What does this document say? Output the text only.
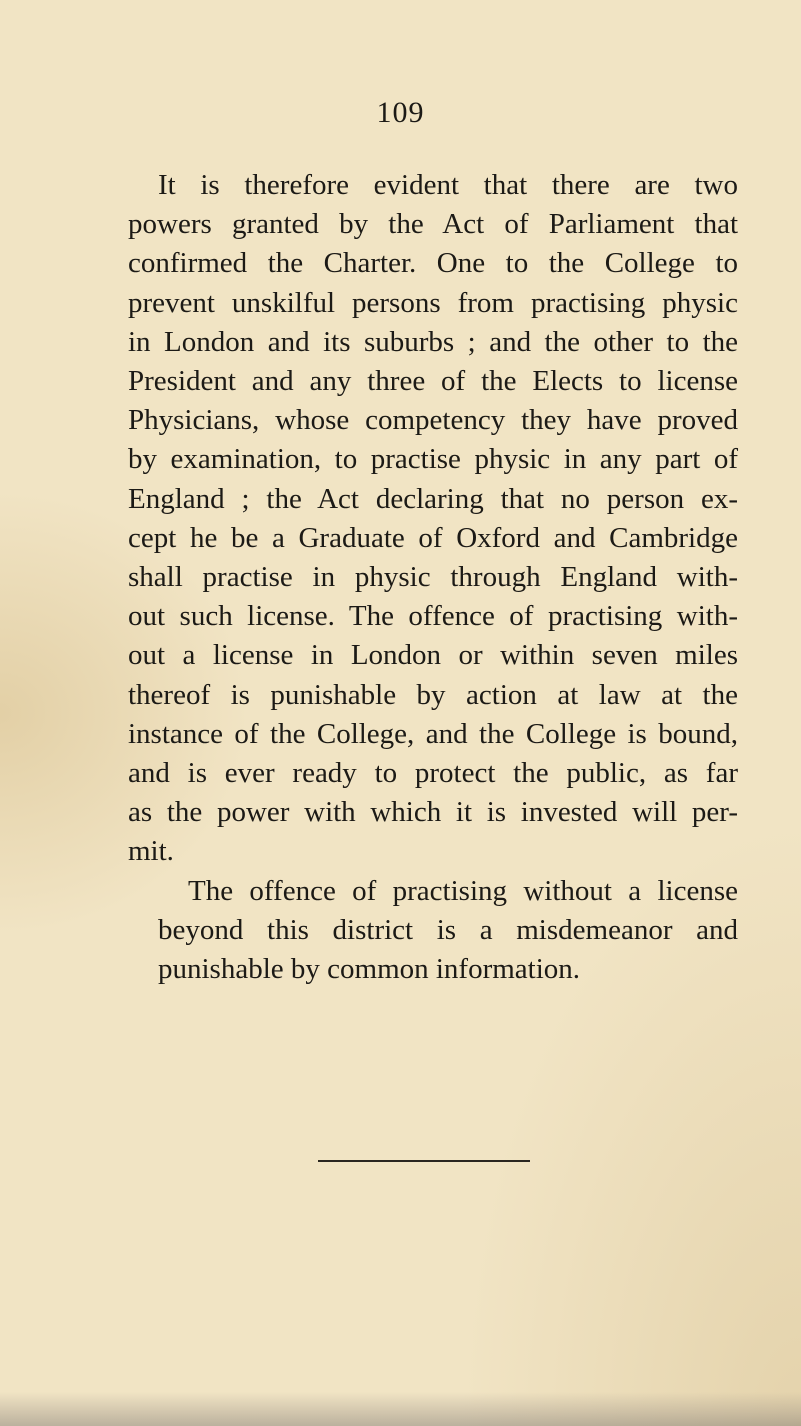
109

It is therefore evident that there are two
powers granted by the Act of Parliament that
confirmed the Charter. One to the College to
prevent unskilful persons from practising physic
in London and its suburbs ; and the other to the
President and any three of the Elects to license
Physicians, whose competency they have proved
by examination, to practise physic in any part of
England ; the Act declaring that no person ex-
cept he be a Graduate of Oxford and Cambridge
shall practise in physic through England with-
out such license. The offence of practising with-
out a license in London or within seven miles
thereof is punishable by action at law at the
instance of the College, and the College is bound,
and is ever ready to protect the public, as far
as the power with which it is invested will per-
mit.

The offence of practising without a license
beyond this district is a misdemeanor and
punishable by common information.
